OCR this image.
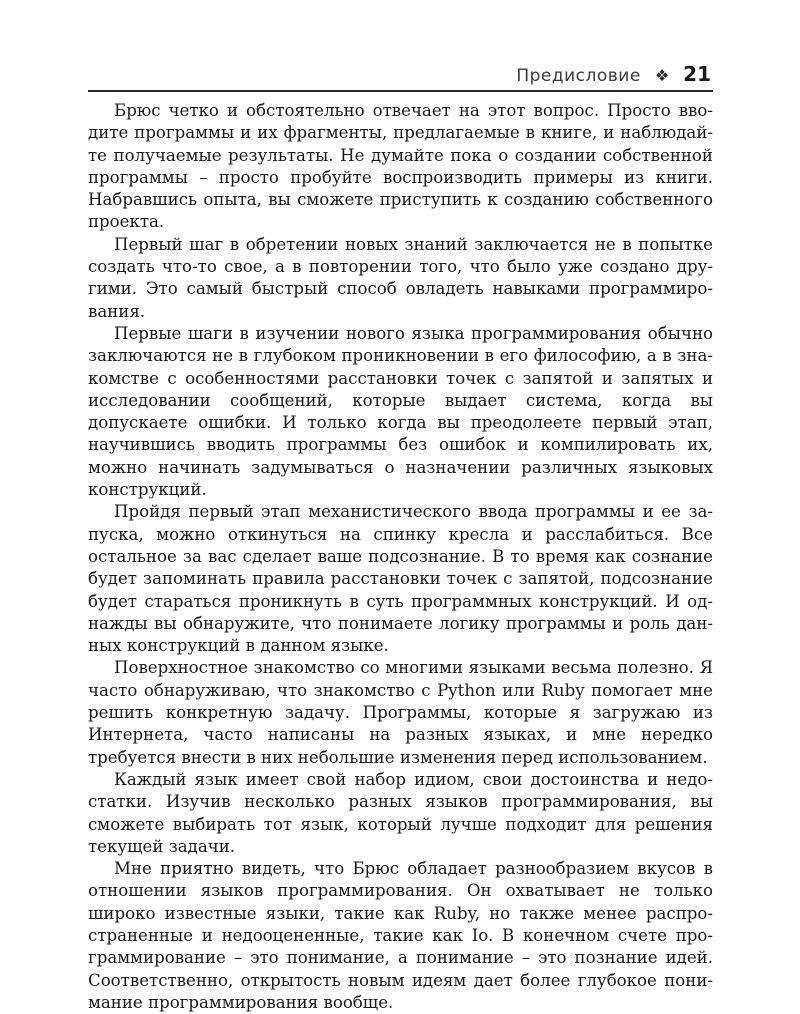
Предисловие ❖ 21

Брюс четко и обстоятельно отвечает на этот вопрос. Просто вводите программы и их фрагменты, предлагаемые в книге, и наблюдайте получаемые результаты. Не думайте пока о создании собственной программы – просто пробуйте воспроизводить примеры из книги. Набравшись опыта, вы сможете приступить к созданию собственного проекта.

Первый шаг в обретении новых знаний заключается не в попытке создать что-то свое, а в повторении того, что было уже создано другими. Это самый быстрый способ овладеть навыками программирования.

Первые шаги в изучении нового языка программирования обычно заключаются не в глубоком проникновении в его философию, а в знакомстве с особенностями расстановки точек с запятой и запятых и исследовании сообщений, которые выдает система, когда вы допускаете ошибки. И только когда вы преодолеете первый этап, научившись вводить программы без ошибок и компилировать их, можно начинать задумываться о назначении различных языковых конструкций.

Пройдя первый этап механистического ввода программы и ее запуска, можно откинуться на спинку кресла и расслабиться. Все остальное за вас сделает ваше подсознание. В то время как сознание будет запоминать правила расстановки точек с запятой, подсознание будет стараться проникнуть в суть программных конструкций. И однажды вы обнаружите, что понимаете логику программы и роль данных конструкций в данном языке.

Поверхностное знакомство со многими языками весьма полезно. Я часто обнаруживаю, что знакомство с Python или Ruby помогает мне решить конкретную задачу. Программы, которые я загружаю из Интернета, часто написаны на разных языках, и мне нередко требуется внести в них небольшие изменения перед использованием.

Каждый язык имеет свой набор идиом, свои достоинства и недостатки. Изучив несколько разных языков программирования, вы сможете выбирать тот язык, который лучше подходит для решения текущей задачи.

Мне приятно видеть, что Брюс обладает разнообразием вкусов в отношении языков программирования. Он охватывает не только широко известные языки, такие как Ruby, но также менее распространенные и недооцененные, такие как Io. В конечном счете программирование – это понимание, а понимание – это познание идей. Соответственно, открытость новым идеям дает более глубокое понимание программирования вообще.
